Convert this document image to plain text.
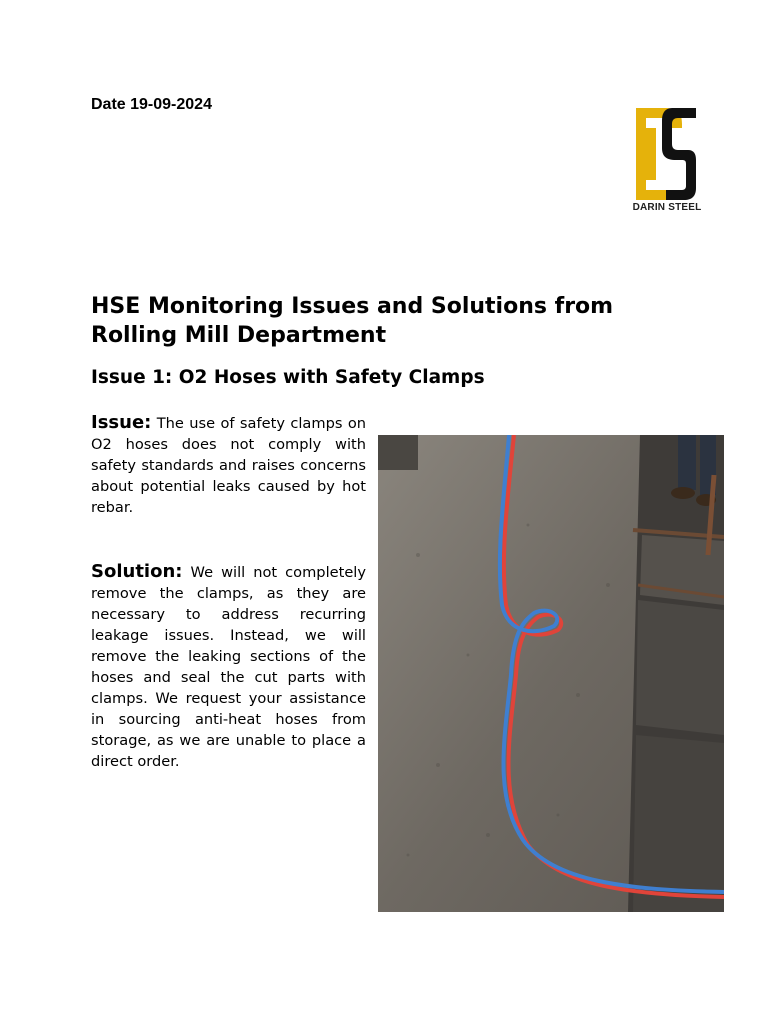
Date 19-09-2024
DARIN STEEL
HSE Monitoring Issues and Solutions from Rolling Mill Department
Issue 1: O2 Hoses with Safety Clamps

Issue: The use of safety clamps on O2 hoses does not comply with safety standards and raises concerns about potential leaks caused by hot rebar.

Solution: We will not completely remove the clamps, as they are necessary to address recurring leakage issues. Instead, we will remove the leaking sections of the hoses and seal the cut parts with clamps. We request your assistance in sourcing anti-heat hoses from storage, as we are unable to place a direct order.
